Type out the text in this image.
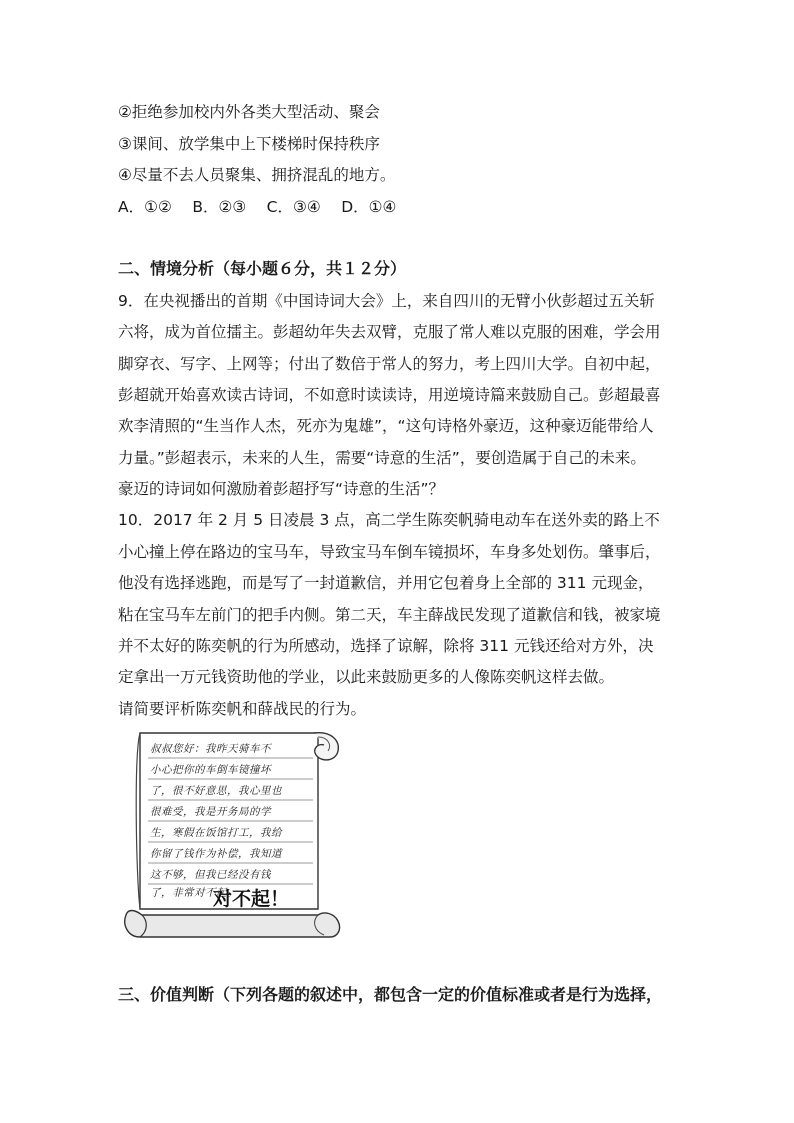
②拒绝参加校内外各类大型活动、聚会
③课间、放学集中上下楼梯时保持秩序
④尽量不去人员聚集、拥挤混乱的地方。
A．①②　 B．②③　 C．③④　 D．①④
二、情境分析（每小题６分，共１２分）
9．在央视播出的首期《中国诗词大会》上，来自四川的无臂小伙彭超过五关斩
六将，成为首位擂主。彭超幼年失去双臂，克服了常人难以克服的困难，学会用
脚穿衣、写字、上网等；付出了数倍于常人的努力，考上四川大学。自初中起，
彭超就开始喜欢读古诗词，不如意时读读诗，用逆境诗篇来鼓励自己。彭超最喜
欢李清照的“生当作人杰，死亦为鬼雄”，“这句诗格外豪迈，这种豪迈能带给人
力量。”彭超表示，未来的人生，需要“诗意的生活”，要创造属于自己的未来。
豪迈的诗词如何激励着彭超抒写“诗意的生活”？
10．2017 年 2 月 5 日凌晨 3 点，高二学生陈奕帆骑电动车在送外卖的路上不
小心撞上停在路边的宝马车，导致宝马车倒车镜损坏，车身多处划伤。肇事后，
他没有选择逃跑，而是写了一封道歉信，并用它包着身上全部的 311 元现金，
粘在宝马车左前门的把手内侧。第二天，车主薛战民发现了道歉信和钱，被家境
并不太好的陈奕帆的行为所感动，选择了谅解，除将 311 元钱还给对方外，决
定拿出一万元钱资助他的学业，以此来鼓励更多的人像陈奕帆这样去做。
请简要评析陈奕帆和薛战民的行为。
叔叔您好：我昨天骑车不
小心把你的车倒车镜撞坏
了，很不好意思，我心里也
很难受，我是开务局的学
生，寒假在饭馆打工，我给
你留了钱作为补偿，我知道
这不够，但我已经没有钱
了，非常对不起。
对不起！
三、价值判断（下列各题的叙述中，都包含一定的价值标准或者是行为选择，
